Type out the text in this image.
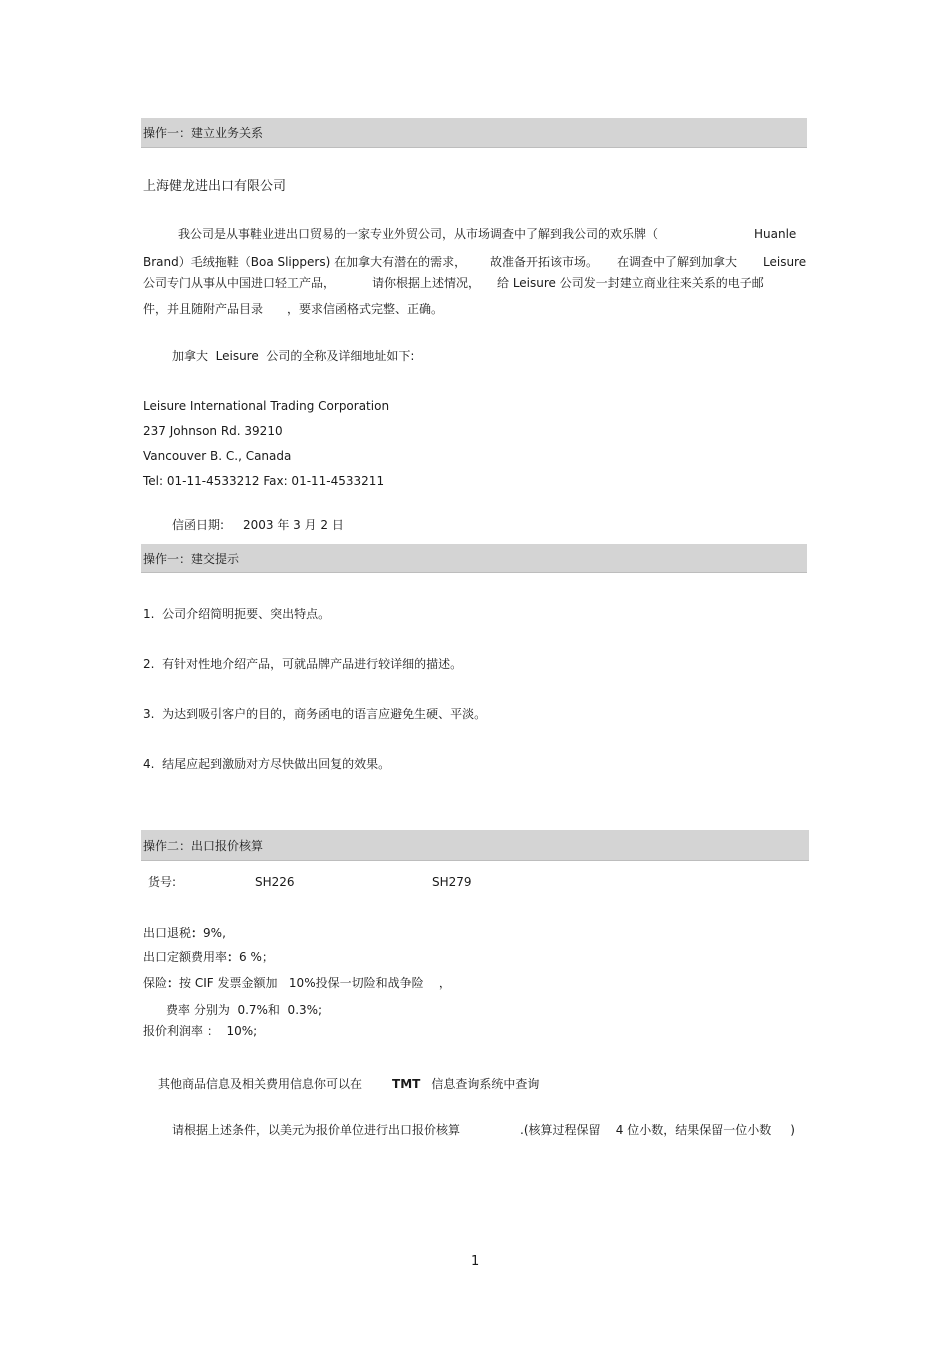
操作一：建立业务关系
上海健龙进出口有限公司
我公司是从事鞋业进出口贸易的一家专业外贸公司，从市场调查中了解到我公司的欢乐牌（	Huanle
Brand）毛绒拖鞋（Boa Slippers) 在加拿大有潜在的需求， 故准备开拓该市场。 在调查中了解到加拿大 Leisure
公司专门从事从中国进口轻工产品，	请你根据上述情况， 给 Leisure 公司发一封建立商业往来关系的电子邮
件，并且随附产品目录 ，要求信函格式完整、正确。
加拿大  Leisure  公司的全称及详细地址如下:
Leisure International Trading Corporation
237 Johnson Rd. 39210
Vancouver B. C., Canada
Tel: 01-11-4533212 Fax: 01-11-4533211
信函日期: 2003 年 3 月 2 日
操作一：建交提示
1.  公司介绍简明扼要、突出特点。
2.  有针对性地介绍产品，可就品牌产品进行较详细的描述。
3.  为达到吸引客户的目的，商务函电的语言应避免生硬、平淡。
4.  结尾应起到激励对方尽快做出回复的效果。
操作二：出口报价核算
货号:	SH226	SH279
出口退税：9%,
出口定额费用率：6 %；
保险：按 CIF 发票金额加   10%投保一切险和战争险    ，
费率 分别为  0.7%和  0.3%;
报价利润率 ：  10%;
其他商品信息及相关费用信息你可以在	TMT 信息查询系统中查询
请根据上述条件，以美元为报价单位进行出口报价核算	.(核算过程保留    4 位小数，结果保留一位小数     )
1
